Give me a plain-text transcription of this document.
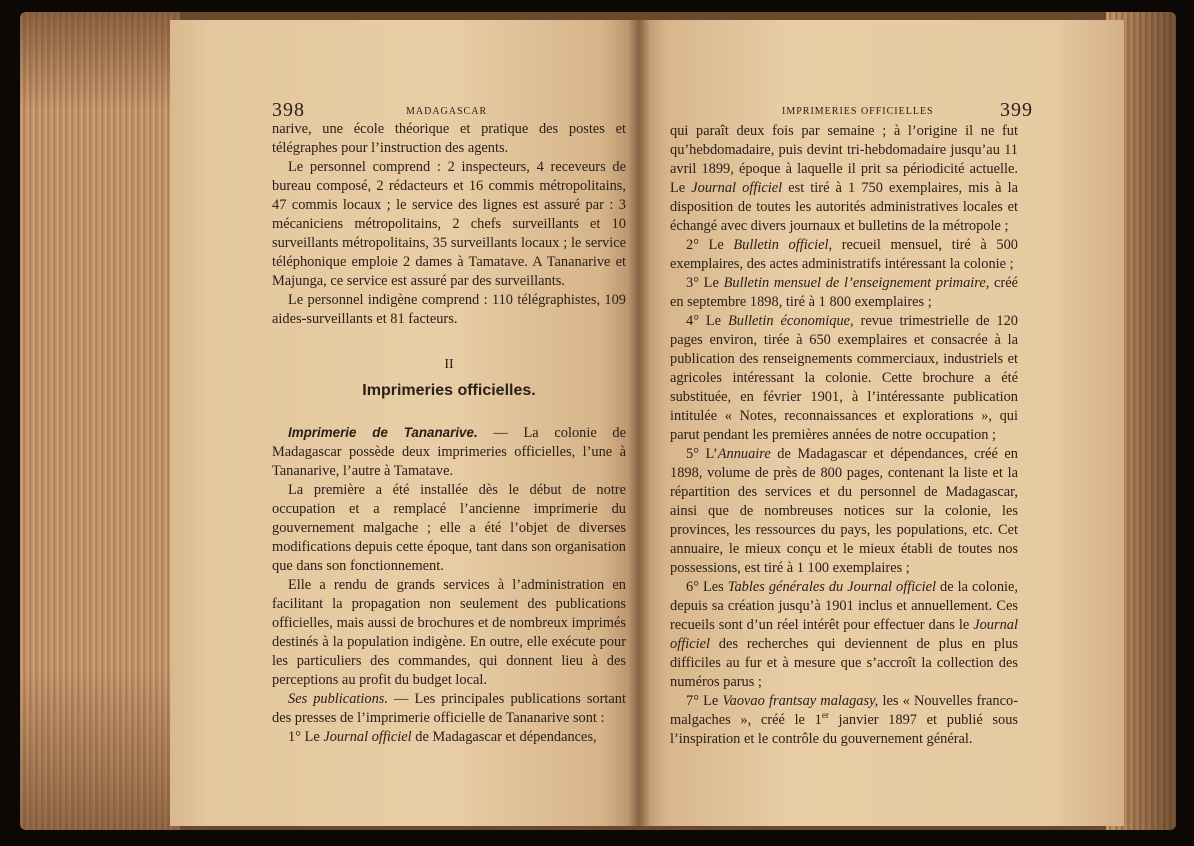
398	MADAGASCAR

narive, une école théorique et pratique des postes et télégraphes pour l’instruction des agents.

Le personnel comprend : 2 inspecteurs, 4 receveurs de bureau composé, 2 rédacteurs et 16 commis métropolitains, 47 commis locaux ; le service des lignes est assuré par : 3 mécaniciens métropolitains, 2 chefs surveillants et 10 surveillants métropolitains, 35 surveillants locaux ; le service téléphonique emploie 2 dames à Tamatave. A Tananarive et Majunga, ce service est assuré par des surveillants.

Le personnel indigène comprend : 110 télégraphistes, 109 aides-surveillants et 81 facteurs.

II
Imprimeries officielles.

Imprimerie de Tananarive. — La colonie de Madagascar possède deux imprimeries officielles, l’une à Tananarive, l’autre à Tamatave.

La première a été installée dès le début de notre occupation et a remplacé l’ancienne imprimerie du gouvernement malgache ; elle a été l’objet de diverses modifications depuis cette époque, tant dans son organisation que dans son fonctionnement.

Elle a rendu de grands services à l’administration en facilitant la propagation non seulement des publications officielles, mais aussi de brochures et de nombreux imprimés destinés à la population indigène. En outre, elle exécute pour les particuliers des commandes, qui donnent lieu à des perceptions au profit du budget local.

Ses publications. — Les principales publications sortant des presses de l’imprimerie officielle de Tananarive sont :

1° Le Journal officiel de Madagascar et dépendances,

IMPRIMERIES OFFICIELLES	399

qui paraît deux fois par semaine ; à l’origine il ne fut qu’hebdomadaire, puis devint tri-hebdomadaire jusqu’au 11 avril 1899, époque à laquelle il prit sa périodicité actuelle. Le Journal officiel est tiré à 1 750 exemplaires, mis à la disposition de toutes les autorités administratives locales et échangé avec divers journaux et bulletins de la métropole ;

2° Le Bulletin officiel, recueil mensuel, tiré à 500 exemplaires, des actes administratifs intéressant la colonie ;

3° Le Bulletin mensuel de l’enseignement primaire, créé en septembre 1898, tiré à 1 800 exemplaires ;

4° Le Bulletin économique, revue trimestrielle de 120 pages environ, tirée à 650 exemplaires et consacrée à la publication des renseignements commerciaux, industriels et agricoles intéressant la colonie. Cette brochure a été substituée, en février 1901, à l’intéressante publication intitulée « Notes, reconnaissances et explorations », qui parut pendant les premières années de notre occupation ;

5° L’Annuaire de Madagascar et dépendances, créé en 1898, volume de près de 800 pages, contenant la liste et la répartition des services et du personnel de Madagascar, ainsi que de nombreuses notices sur la colonie, les provinces, les ressources du pays, les populations, etc. Cet annuaire, le mieux conçu et le mieux établi de toutes nos possessions, est tiré à 1 100 exemplaires ;

6° Les Tables générales du Journal officiel de la colonie, depuis sa création jusqu’à 1901 inclus et annuellement. Ces recueils sont d’un réel intérêt pour effectuer dans le Journal officiel des recherches qui deviennent de plus en plus difficiles au fur et à mesure que s’accroît la collection des numéros parus ;

7° Le Vaovao frantsay malagasy, les « Nouvelles franco-malgaches », créé le 1er janvier 1897 et publié sous l’inspiration et le contrôle du gouvernement général.
